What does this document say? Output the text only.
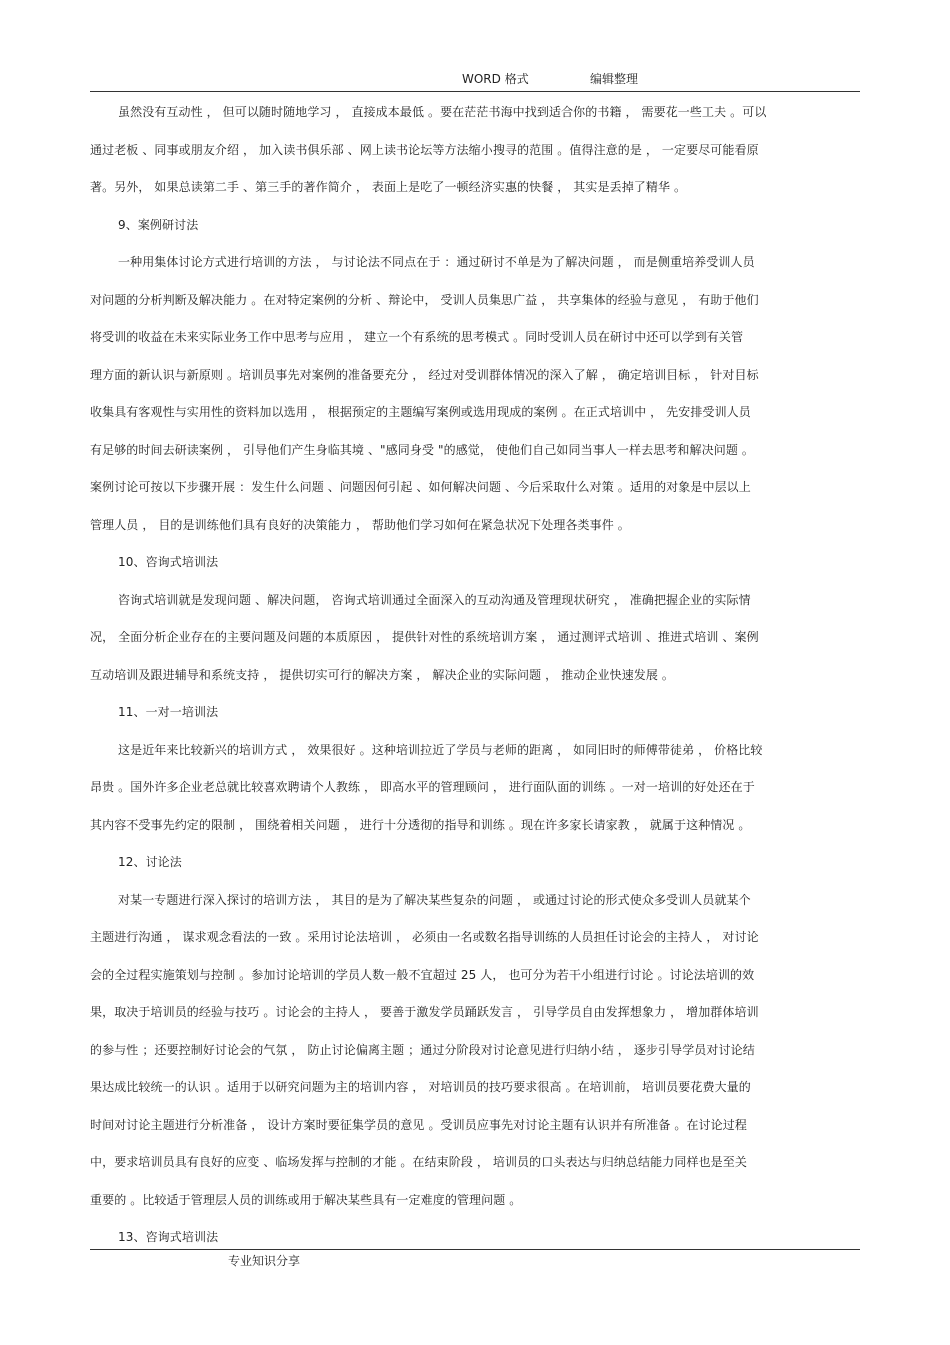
WORD 格式	编辑整理
虽然没有互动性 ， 但可以随时随地学习 ， 直接成本最低 。要在茫茫书海中找到适合你的书籍 ， 需要花一些工夫 。可以
通过老板 、同事或朋友介绍 ， 加入读书俱乐部 、网上读书论坛等方法缩小搜寻的范围 。值得注意的是 ， 一定要尽可能看原
著。另外， 如果总读第二手 、第三手的著作简介 ， 表面上是吃了一顿经济实惠的快餐 ， 其实是丢掉了精华 。
9、案例研讨法
一种用集体讨论方式进行培训的方法 ， 与讨论法不同点在于 ：通过研讨不单是为了解决问题 ， 而是侧重培养受训人员
对问题的分析判断及解决能力 。在对特定案例的分析 、辩论中， 受训人员集思广益 ， 共享集体的经验与意见 ， 有助于他们
将受训的收益在未来实际业务工作中思考与应用 ， 建立一个有系统的思考模式 。同时受训人员在研讨中还可以学到有关管
理方面的新认识与新原则 。培训员事先对案例的准备要充分 ， 经过对受训群体情况的深入了解 ， 确定培训目标 ， 针对目标
收集具有客观性与实用性的资料加以选用 ， 根据预定的主题编写案例或选用现成的案例 。在正式培训中 ， 先安排受训人员
有足够的时间去研读案例 ， 引导他们产生身临其境 、"感同身受 "的感觉， 使他们自己如同当事人一样去思考和解决问题 。
案例讨论可按以下步骤开展 ：发生什么问题 、问题因何引起 、如何解决问题 、今后采取什么对策 。适用的对象是中层以上
管理人员 ， 目的是训练他们具有良好的决策能力 ， 帮助他们学习如何在紧急状况下处理各类事件 。
10、咨询式培训法
咨询式培训就是发现问题 、解决问题， 咨询式培训通过全面深入的互动沟通及管理现状研究 ， 准确把握企业的实际情
况， 全面分析企业存在的主要问题及问题的本质原因 ， 提供针对性的系统培训方案 ， 通过测评式培训 、推进式培训 、案例
互动培训及跟进辅导和系统支持 ， 提供切实可行的解决方案 ， 解决企业的实际问题 ， 推动企业快速发展 。
11、一对一培训法
这是近年来比较新兴的培训方式 ， 效果很好 。这种培训拉近了学员与老师的距离 ， 如同旧时的师傅带徒弟 ， 价格比较
昂贵 。国外许多企业老总就比较喜欢聘请个人教练 ， 即高水平的管理顾问 ， 进行面队面的训练 。一对一培训的好处还在于
其内容不受事先约定的限制 ， 围绕着相关问题 ， 进行十分透彻的指导和训练 。现在许多家长请家教 ， 就属于这种情况 。
12、讨论法
对某一专题进行深入探讨的培训方法 ， 其目的是为了解决某些复杂的问题 ， 或通过讨论的形式使众多受训人员就某个
主题进行沟通 ， 谋求观念看法的一致 。采用讨论法培训 ， 必须由一名或数名指导训练的人员担任讨论会的主持人 ， 对讨论
会的全过程实施策划与控制 。参加讨论培训的学员人数一般不宜超过 25 人， 也可分为若干小组进行讨论 。讨论法培训的效
果，取决于培训员的经验与技巧 。讨论会的主持人 ， 要善于激发学员踊跃发言 ， 引导学员自由发挥想象力 ， 增加群体培训
的参与性 ；还要控制好讨论会的气氛 ， 防止讨论偏离主题 ；通过分阶段对讨论意见进行归纳小结 ， 逐步引导学员对讨论结
果达成比较统一的认识 。适用于以研究问题为主的培训内容 ， 对培训员的技巧要求很高 。在培训前， 培训员要花费大量的
时间对讨论主题进行分析准备 ， 设计方案时要征集学员的意见 。受训员应事先对讨论主题有认识并有所准备 。在讨论过程
中，要求培训员具有良好的应变 、临场发挥与控制的才能 。在结束阶段 ， 培训员的口头表达与归纳总结能力同样也是至关
重要的 。比较适于管理层人员的训练或用于解决某些具有一定难度的管理问题 。
13、咨询式培训法
专业知识分享
